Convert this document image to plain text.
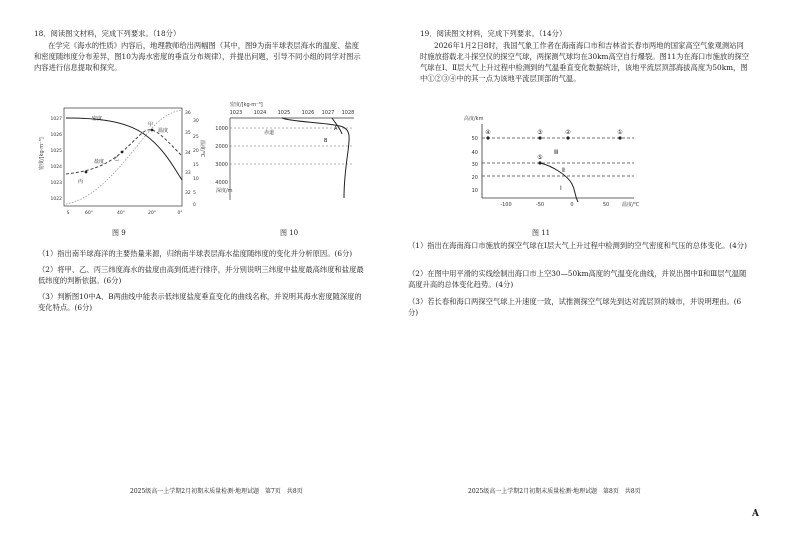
18．阅读图文材料，完成下列要求。（18分）
在学完《海水的性质》内容后，地理教师给出两幅图（其中，图9为南半球表层海水的温度、盐度和密度随纬度分布差异，图10为海水密度的垂直分布规律），并提出问题，引导不同小组的同学对图示内容进行信息提取和探究。
1027
1026
1025
1024
1023
1022
密度/[kg·m⁻³]
36
35
34
33
32
30
25
20
15
10
5
0
S	60°	40°	20°	0°
密度
盐度
丙
乙
甲
温度
温度/℃
图 9
密度/[kg·m⁻³]
1023 1024 1025 1026 1027 1028
1000
2000
3000
4000
深度/m
赤道
A
B
图 10
（1）指出南半球海洋的主要热量来源，归纳南半球表层海水盐度随纬度的变化并分析原因。(6分)
（2）将甲、乙、丙三纬度海水的盐度由高到低进行排序，并分别说明三纬度中盐度最高纬度和盐度最低纬度的判断依据。(6分)
（3）判断图10中A、B两曲线中能表示低纬度盐度垂直变化的曲线名称，并说明其海水密度随深度的变化特点。(6分)
2025级高一上学期2月初期末质量检测·地理试题　第7页　共8页
19．阅读图文材料，完成下列要求。（14分）
2026年1月2日8时，我国气象工作者在海南海口市和吉林省长春市两地的国家高空气象观测站同时施放搭载北斗探空仪的探空气球，两探测气球均在30km高空自行爆裂。图11为在海口市施放的探空气球在Ⅰ、Ⅱ层大气上升过程中检测到的气温垂直变化数据统计，该地平流层顶部海拔高度为50km，图中①②③④中的其一点为该地平流层顶部的气温。
高度/km
50
40
30
20
10
④	③	②	①
⑤
Ⅲ
Ⅱ
Ⅰ
-100	-50	0	50	温度/℃
图 11
（1）指出在海南海口市施放的探空气球在Ⅰ层大气上升过程中检测到的空气密度和气压的总体变化。(4分)
（2）在图中用平滑的实线绘制出海口市上空30—50km高度的气温变化曲线，并说出图中Ⅱ和Ⅲ层气温随高度升高的总体变化趋势。(4分)
（3）若长春和海口两探空气球上升速度一致，试推测探空气球先到达对流层顶的城市，并说明理由。(6分)
2025级高一上学期2月初期末质量检测·地理试题　第8页　共8页
A
